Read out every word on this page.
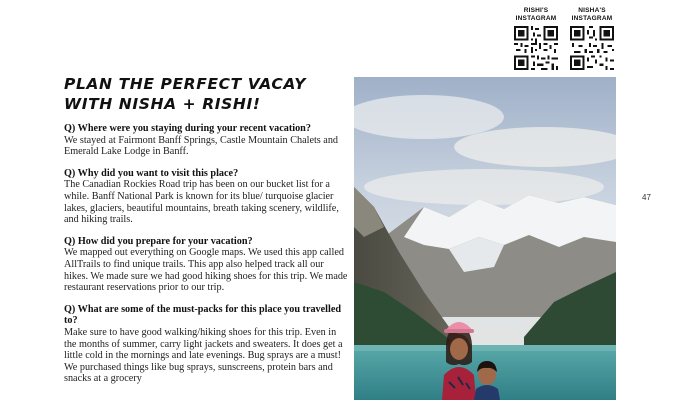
RISHI'S
INSTAGRAM
NISHA'S
INSTAGRAM
PLAN THE PERFECT VACAY
WITH NISHA + RISHI!
Q) Where were you staying during your recent vacation?
We stayed at Fairmont Banff Springs, Castle Mountain Chalets and Emerald Lake Lodge in Banff.
Q) Why did you want to visit this place?
The Canadian Rockies Road trip has been on our bucket list for a while. Banff National Park is known for its blue/ turquoise glacier lakes, glaciers, beautiful mountains, breath taking scenery, wildlife, and hiking trails.
Q) How did you prepare for your vacation?
We mapped out everything on Google maps. We used this app called AllTrails to find unique trails. This app also helped track all our hikes. We made sure we had good hiking shoes for this trip. We made restaurant reservations prior to our trip.
Q) What are some of the must-packs for this place you travelled to?
Make sure to have good walking/hiking shoes for this trip. Even in the months of summer, carry light jackets and sweaters. It does get a little cold in the mornings and late evenings. Bug sprays are a must! We purchased things like bug sprays, sunscreens, protein bars and snacks at a grocery
47
